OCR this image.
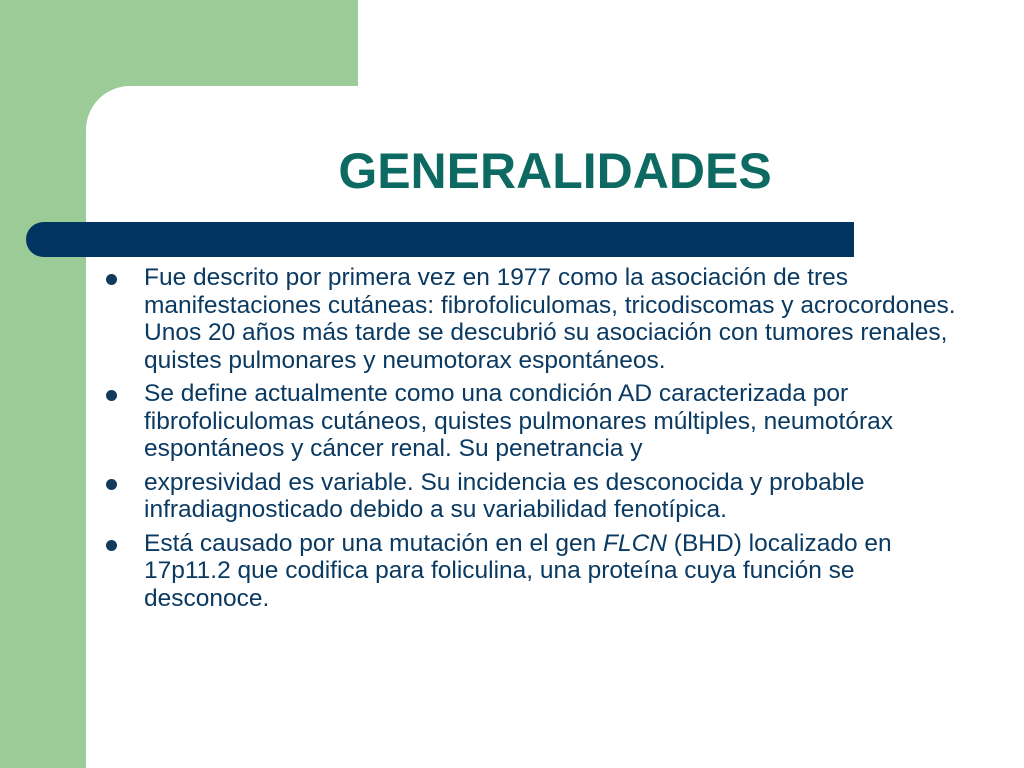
GENERALIDADES
Fue descrito por primera vez en 1977 como la asociación de tres manifestaciones cutáneas: fibrofoliculomas, tricodiscomas y acrocordones. Unos 20 años más tarde se descubrió su asociación con tumores renales, quistes pulmonares y neumotorax espontáneos.
Se define actualmente como una condición AD caracterizada por fibrofoliculomas cutáneos, quistes pulmonares múltiples, neumotórax espontáneos y cáncer renal. Su penetrancia y
expresividad es variable. Su incidencia es desconocida y probable infradiagnosticado debido a su variabilidad fenotípica.
Está causado por una mutación en el gen FLCN (BHD) localizado en 17p11.2 que codifica para foliculina, una proteína cuya función se desconoce.
